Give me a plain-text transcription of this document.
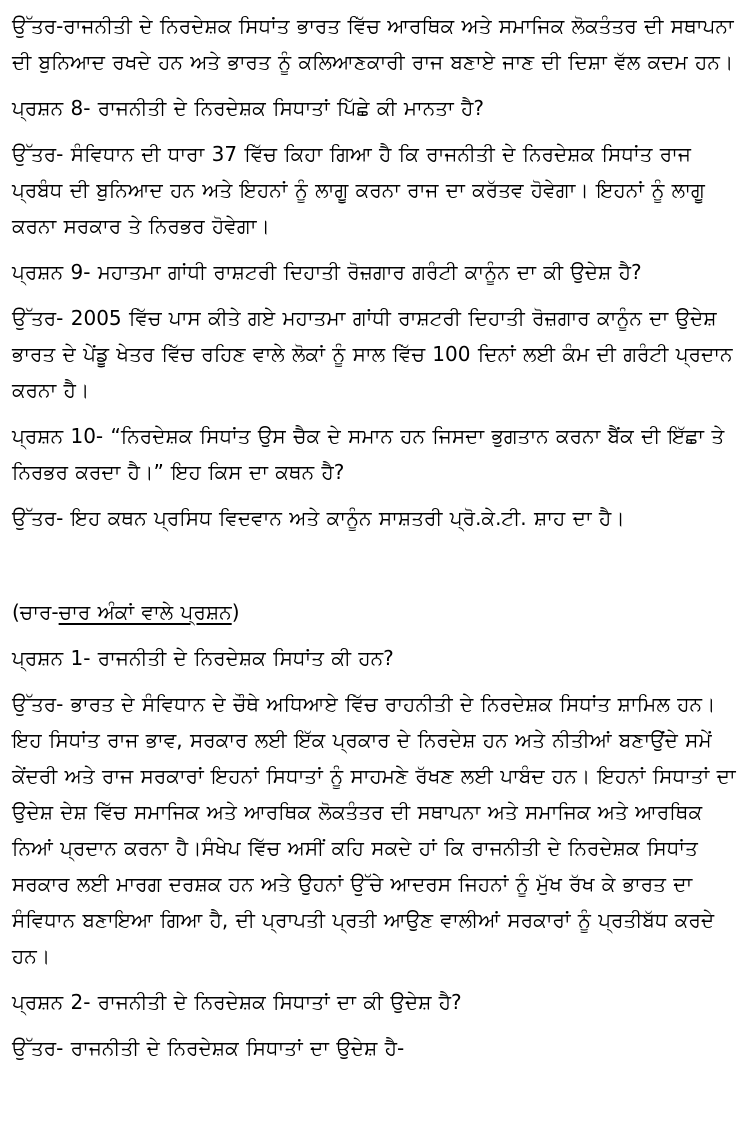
ਉੱਤਰ-ਰਾਜਨੀਤੀ ਦੇ ਨਿਰਦੇਸ਼ਕ ਸਿਧਾਂਤ ਭਾਰਤ ਵਿੱਚ ਆਰਥਿਕ ਅਤੇ ਸਮਾਜਿਕ ਲੋਕਤੰਤਰ ਦੀ ਸਥਾਪਨਾ ਦੀ ਬੁਨਿਆਦ ਰਖਦੇ ਹਨ ਅਤੇ ਭਾਰਤ ਨੂੰ ਕਲਿਆਣਕਾਰੀ ਰਾਜ ਬਣਾਏ ਜਾਣ ਦੀ ਦਿਸ਼ਾ ਵੱਲ ਕਦਮ ਹਨ।

ਪ੍ਰਸ਼ਨ 8- ਰਾਜਨੀਤੀ ਦੇ ਨਿਰਦੇਸ਼ਕ ਸਿਧਾਤਾਂ ਪਿੱਛੇ ਕੀ ਮਾਨਤਾ ਹੈ?

ਉੱਤਰ- ਸੰਵਿਧਾਨ ਦੀ ਧਾਰਾ 37 ਵਿੱਚ ਕਿਹਾ ਗਿਆ ਹੈ ਕਿ ਰਾਜਨੀਤੀ ਦੇ ਨਿਰਦੇਸ਼ਕ ਸਿਧਾਂਤ ਰਾਜ ਪ੍ਰਬੰਧ ਦੀ ਬੁਨਿਆਦ ਹਨ ਅਤੇ ਇਹਨਾਂ ਨੂੰ ਲਾਗੂ ਕਰਨਾ ਰਾਜ ਦਾ ਕਰੱਤਵ ਹੋਵੇਗਾ। ਇਹਨਾਂ ਨੂੰ ਲਾਗੂ ਕਰਨਾ ਸਰਕਾਰ ਤੇ ਨਿਰਭਰ ਹੋਵੇਗਾ।

ਪ੍ਰਸ਼ਨ 9- ਮਹਾਤਮਾ ਗਾਂਧੀ ਰਾਸ਼ਟਰੀ ਦਿਹਾਤੀ ਰੋਜ਼ਗਾਰ ਗਰੰਟੀ ਕਾਨੂੰਨ ਦਾ ਕੀ ਉਦੇਸ਼ ਹੈ?

ਉੱਤਰ- 2005 ਵਿੱਚ ਪਾਸ ਕੀਤੇ ਗਏ ਮਹਾਤਮਾ ਗਾਂਧੀ ਰਾਸ਼ਟਰੀ ਦਿਹਾਤੀ ਰੋਜ਼ਗਾਰ ਕਾਨੂੰਨ ਦਾ ਉਦੇਸ਼ ਭਾਰਤ ਦੇ ਪੇਂਡੂ ਖੇਤਰ ਵਿੱਚ ਰਹਿਣ ਵਾਲੇ ਲੋਕਾਂ ਨੂੰ ਸਾਲ ਵਿੱਚ 100 ਦਿਨਾਂ ਲਈ ਕੰਮ ਦੀ ਗਰੰਟੀ ਪ੍ਰਦਾਨ ਕਰਨਾ ਹੈ।

ਪ੍ਰਸ਼ਨ 10- “ਨਿਰਦੇਸ਼ਕ ਸਿਧਾਂਤ ਉਸ ਚੈਕ ਦੇ ਸਮਾਨ ਹਨ ਜਿਸਦਾ ਭੁਗਤਾਨ ਕਰਨਾ ਬੈਂਕ ਦੀ ਇੱਛਾ ਤੇ ਨਿਰਭਰ ਕਰਦਾ ਹੈ।” ਇਹ ਕਿਸ ਦਾ ਕਥਨ ਹੈ?

ਉੱਤਰ- ਇਹ ਕਥਨ ਪ੍ਰਸਿਧ ਵਿਦਵਾਨ ਅਤੇ ਕਾਨੂੰਨ ਸਾਸ਼ਤਰੀ ਪ੍ਰੋ.ਕੇ.ਟੀ. ਸ਼ਾਹ ਦਾ ਹੈ।

(ਚਾਰ-ਚਾਰ ਅੰਕਾਂ ਵਾਲੇ ਪ੍ਰਸ਼ਨ)

ਪ੍ਰਸ਼ਨ 1- ਰਾਜਨੀਤੀ ਦੇ ਨਿਰਦੇਸ਼ਕ ਸਿਧਾਂਤ ਕੀ ਹਨ?

ਉੱਤਰ- ਭਾਰਤ ਦੇ ਸੰਵਿਧਾਨ ਦੇ ਚੌਥੇ ਅਧਿਆਏ ਵਿੱਚ ਰਾਹਨੀਤੀ ਦੇ ਨਿਰਦੇਸ਼ਕ ਸਿਧਾਂਤ ਸ਼ਾਮਿਲ ਹਨ। ਇਹ ਸਿਧਾਂਤ ਰਾਜ ਭਾਵ, ਸਰਕਾਰ ਲਈ ਇੱਕ ਪ੍ਰਕਾਰ ਦੇ ਨਿਰਦੇਸ਼ ਹਨ ਅਤੇ ਨੀਤੀਆਂ ਬਣਾਉਂਦੇ ਸਮੇਂ ਕੇਂਦਰੀ ਅਤੇ ਰਾਜ ਸਰਕਾਰਾਂ ਇਹਨਾਂ ਸਿਧਾਤਾਂ ਨੂੰ ਸਾਹਮਣੇ ਰੱਖਣ ਲਈ ਪਾਬੰਦ ਹਨ। ਇਹਨਾਂ ਸਿਧਾਤਾਂ ਦਾ ਉਦੇਸ਼ ਦੇਸ਼ ਵਿੱਚ ਸਮਾਜਿਕ ਅਤੇ ਆਰਥਿਕ ਲੋਕਤੰਤਰ ਦੀ ਸਥਾਪਨਾ ਅਤੇ ਸਮਾਜਿਕ ਅਤੇ ਆਰਥਿਕ ਨਿਆਂ ਪ੍ਰਦਾਨ ਕਰਨਾ ਹੈ।ਸੰਖੇਪ ਵਿੱਚ ਅਸੀਂ ਕਹਿ ਸਕਦੇ ਹਾਂ ਕਿ ਰਾਜਨੀਤੀ ਦੇ ਨਿਰਦੇਸ਼ਕ ਸਿਧਾਂਤ ਸਰਕਾਰ ਲਈ ਮਾਰਗ ਦਰਸ਼ਕ ਹਨ ਅਤੇ ਉਹਨਾਂ ਉੱਚੇ ਆਦਰਸ ਜਿਹਨਾਂ ਨੂੰ ਮੁੱਖ ਰੱਖ ਕੇ ਭਾਰਤ ਦਾ ਸੰਵਿਧਾਨ ਬਣਾਇਆ ਗਿਆ ਹੈ, ਦੀ ਪ੍ਰਾਪਤੀ ਪ੍ਰਤੀ ਆਉਣ ਵਾਲੀਆਂ ਸਰਕਾਰਾਂ ਨੂੰ ਪ੍ਰਤੀਬੱਧ ਕਰਦੇ ਹਨ।

ਪ੍ਰਸ਼ਨ 2- ਰਾਜਨੀਤੀ ਦੇ ਨਿਰਦੇਸ਼ਕ ਸਿਧਾਤਾਂ ਦਾ ਕੀ ਉਦੇਸ਼ ਹੈ?

ਉੱਤਰ- ਰਾਜਨੀਤੀ ਦੇ ਨਿਰਦੇਸ਼ਕ ਸਿਧਾਤਾਂ ਦਾ ਉਦੇਸ਼ ਹੈ-
